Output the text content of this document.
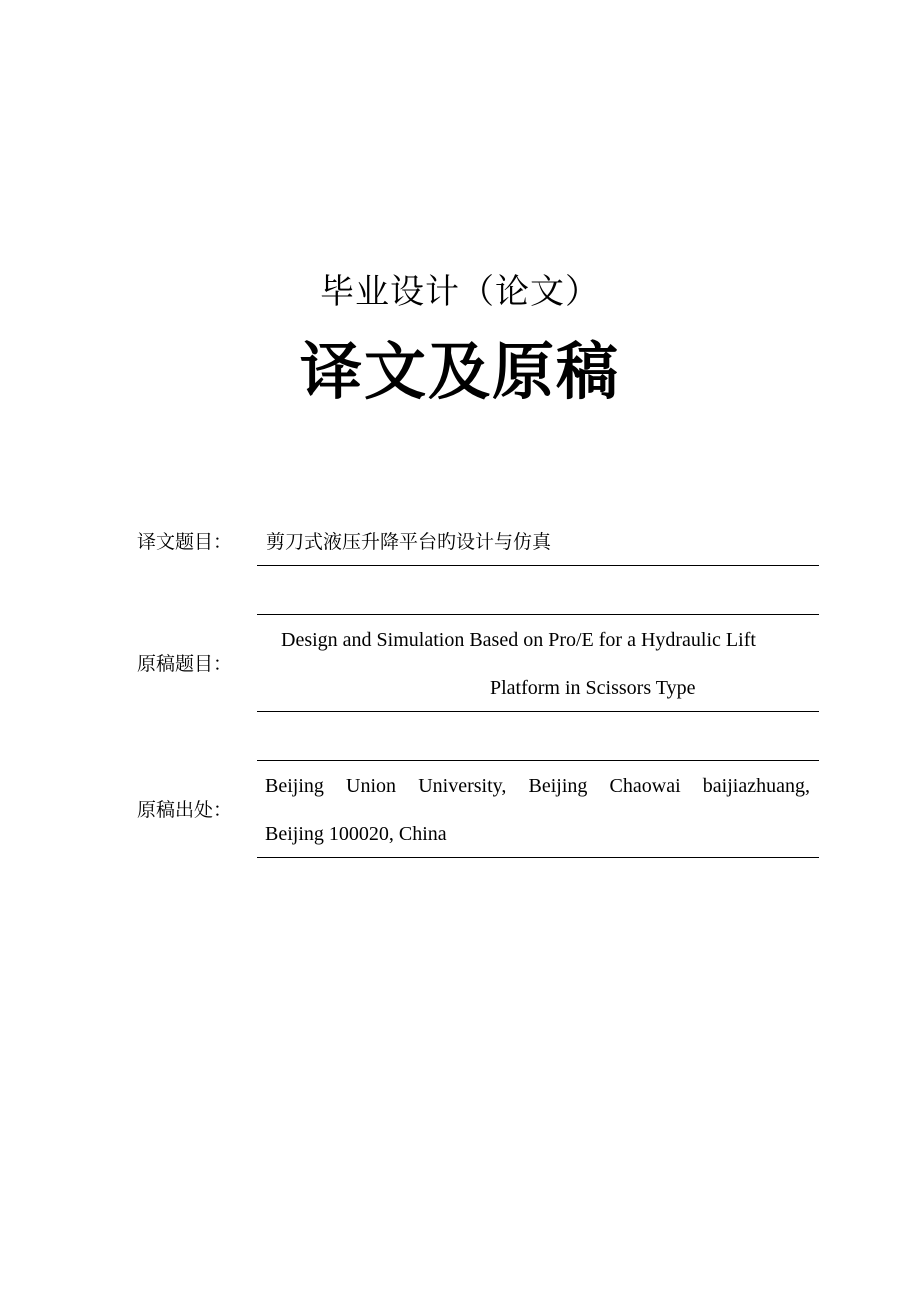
毕业设计（论文）
译文及原稿
译文题目： 剪刀式液压升降平台旳设计与仿真
Design and Simulation Based on Pro/E for a Hydraulic Lift
原稿题目：
Platform in Scissors Type
Beijing Union University, Beijing Chaowai baijiazhuang,
原稿出处：
Beijing 100020, China
